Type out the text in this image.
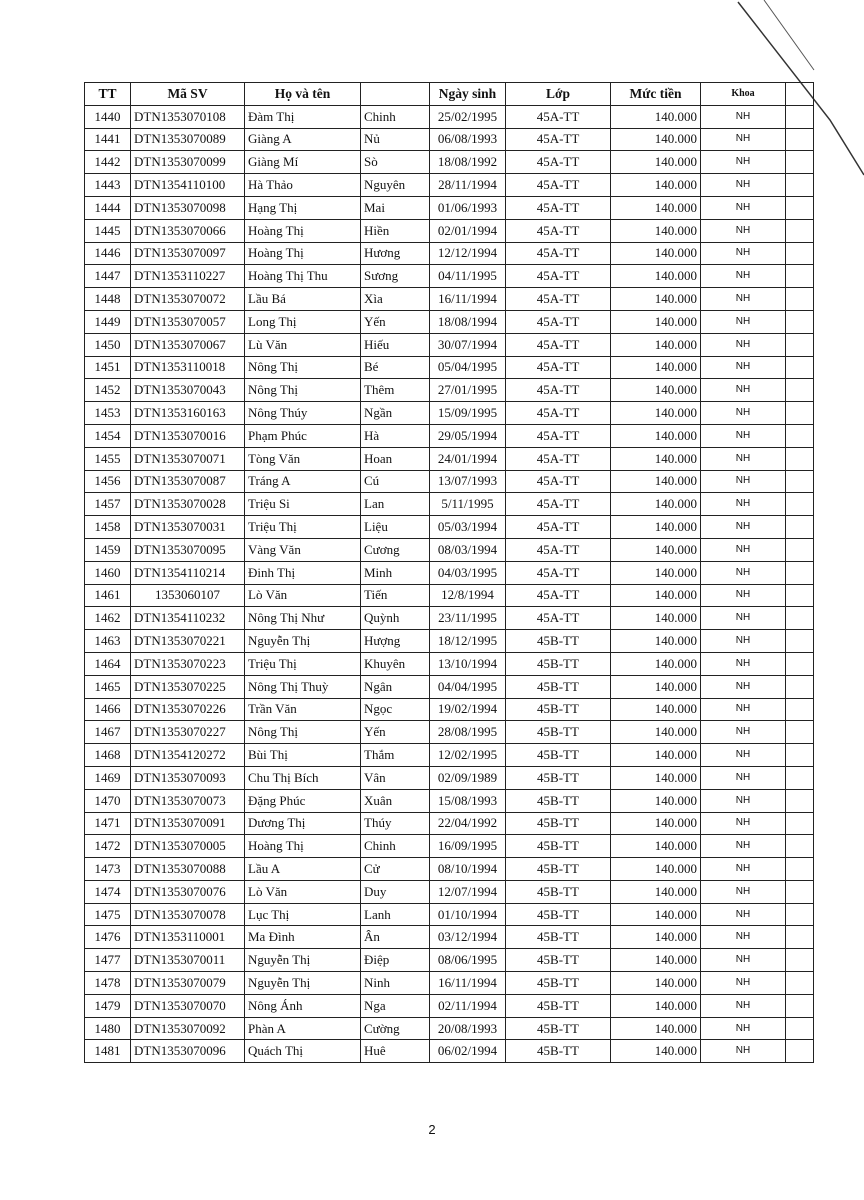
TT	Mã SV	Họ và tên		Ngày sinh	Lớp	Mức tiền	Khoa	
1440	DTN1353070108	Đàm Thị	Chinh	25/02/1995	45A-TT	140.000	NH	
1441	DTN1353070089	Giàng A	Nủ	06/08/1993	45A-TT	140.000	NH	
1442	DTN1353070099	Giàng Mí	Sò	18/08/1992	45A-TT	140.000	NH	
1443	DTN1354110100	Hà Thảo	Nguyên	28/11/1994	45A-TT	140.000	NH	
1444	DTN1353070098	Hạng Thị	Mai	01/06/1993	45A-TT	140.000	NH	
1445	DTN1353070066	Hoàng Thị	Hiền	02/01/1994	45A-TT	140.000	NH	
1446	DTN1353070097	Hoàng Thị	Hương	12/12/1994	45A-TT	140.000	NH	
1447	DTN1353110227	Hoàng Thị Thu	Sương	04/11/1995	45A-TT	140.000	NH	
1448	DTN1353070072	Lầu Bá	Xìa	16/11/1994	45A-TT	140.000	NH	
1449	DTN1353070057	Long Thị	Yến	18/08/1994	45A-TT	140.000	NH	
1450	DTN1353070067	Lù Văn	Hiếu	30/07/1994	45A-TT	140.000	NH	
1451	DTN1353110018	Nông Thị	Bé	05/04/1995	45A-TT	140.000	NH	
1452	DTN1353070043	Nông Thị	Thêm	27/01/1995	45A-TT	140.000	NH	
1453	DTN1353160163	Nông Thúy	Ngần	15/09/1995	45A-TT	140.000	NH	
1454	DTN1353070016	Phạm Phúc	Hà	29/05/1994	45A-TT	140.000	NH	
1455	DTN1353070071	Tòng Văn	Hoan	24/01/1994	45A-TT	140.000	NH	
1456	DTN1353070087	Tráng A	Cú	13/07/1993	45A-TT	140.000	NH	
1457	DTN1353070028	Triệu Si	Lan	5/11/1995	45A-TT	140.000	NH	
1458	DTN1353070031	Triệu Thị	Liệu	05/03/1994	45A-TT	140.000	NH	
1459	DTN1353070095	Vàng Văn	Cương	08/03/1994	45A-TT	140.000	NH	
1460	DTN1354110214	Đinh Thị	Minh	04/03/1995	45A-TT	140.000	NH	
1461	1353060107	Lò Văn	Tiến	12/8/1994	45A-TT	140.000	NH	
1462	DTN1354110232	Nông Thị Như	Quỳnh	23/11/1995	45A-TT	140.000	NH	
1463	DTN1353070221	Nguyễn Thị	Hượng	18/12/1995	45B-TT	140.000	NH	
1464	DTN1353070223	Triệu Thị	Khuyên	13/10/1994	45B-TT	140.000	NH	
1465	DTN1353070225	Nông Thị Thuỳ	Ngân	04/04/1995	45B-TT	140.000	NH	
1466	DTN1353070226	Trần Văn	Ngọc	19/02/1994	45B-TT	140.000	NH	
1467	DTN1353070227	Nông Thị	Yến	28/08/1995	45B-TT	140.000	NH	
1468	DTN1354120272	Bùi Thị	Thắm	12/02/1995	45B-TT	140.000	NH	
1469	DTN1353070093	Chu Thị Bích	Vân	02/09/1989	45B-TT	140.000	NH	
1470	DTN1353070073	Đặng Phúc	Xuân	15/08/1993	45B-TT	140.000	NH	
1471	DTN1353070091	Dương Thị	Thúy	22/04/1992	45B-TT	140.000	NH	
1472	DTN1353070005	Hoàng Thị	Chinh	16/09/1995	45B-TT	140.000	NH	
1473	DTN1353070088	Lầu A	Cử	08/10/1994	45B-TT	140.000	NH	
1474	DTN1353070076	Lò Văn	Duy	12/07/1994	45B-TT	140.000	NH	
1475	DTN1353070078	Lục Thị	Lanh	01/10/1994	45B-TT	140.000	NH	
1476	DTN1353110001	Ma Đình	Ân	03/12/1994	45B-TT	140.000	NH	
1477	DTN1353070011	Nguyễn Thị	Điệp	08/06/1995	45B-TT	140.000	NH	
1478	DTN1353070079	Nguyễn Thị	Ninh	16/11/1994	45B-TT	140.000	NH	
1479	DTN1353070070	Nông Ánh	Nga	02/11/1994	45B-TT	140.000	NH	
1480	DTN1353070092	Phàn A	Cường	20/08/1993	45B-TT	140.000	NH	
1481	DTN1353070096	Quách Thị	Huê	06/02/1994	45B-TT	140.000	NH	
2
